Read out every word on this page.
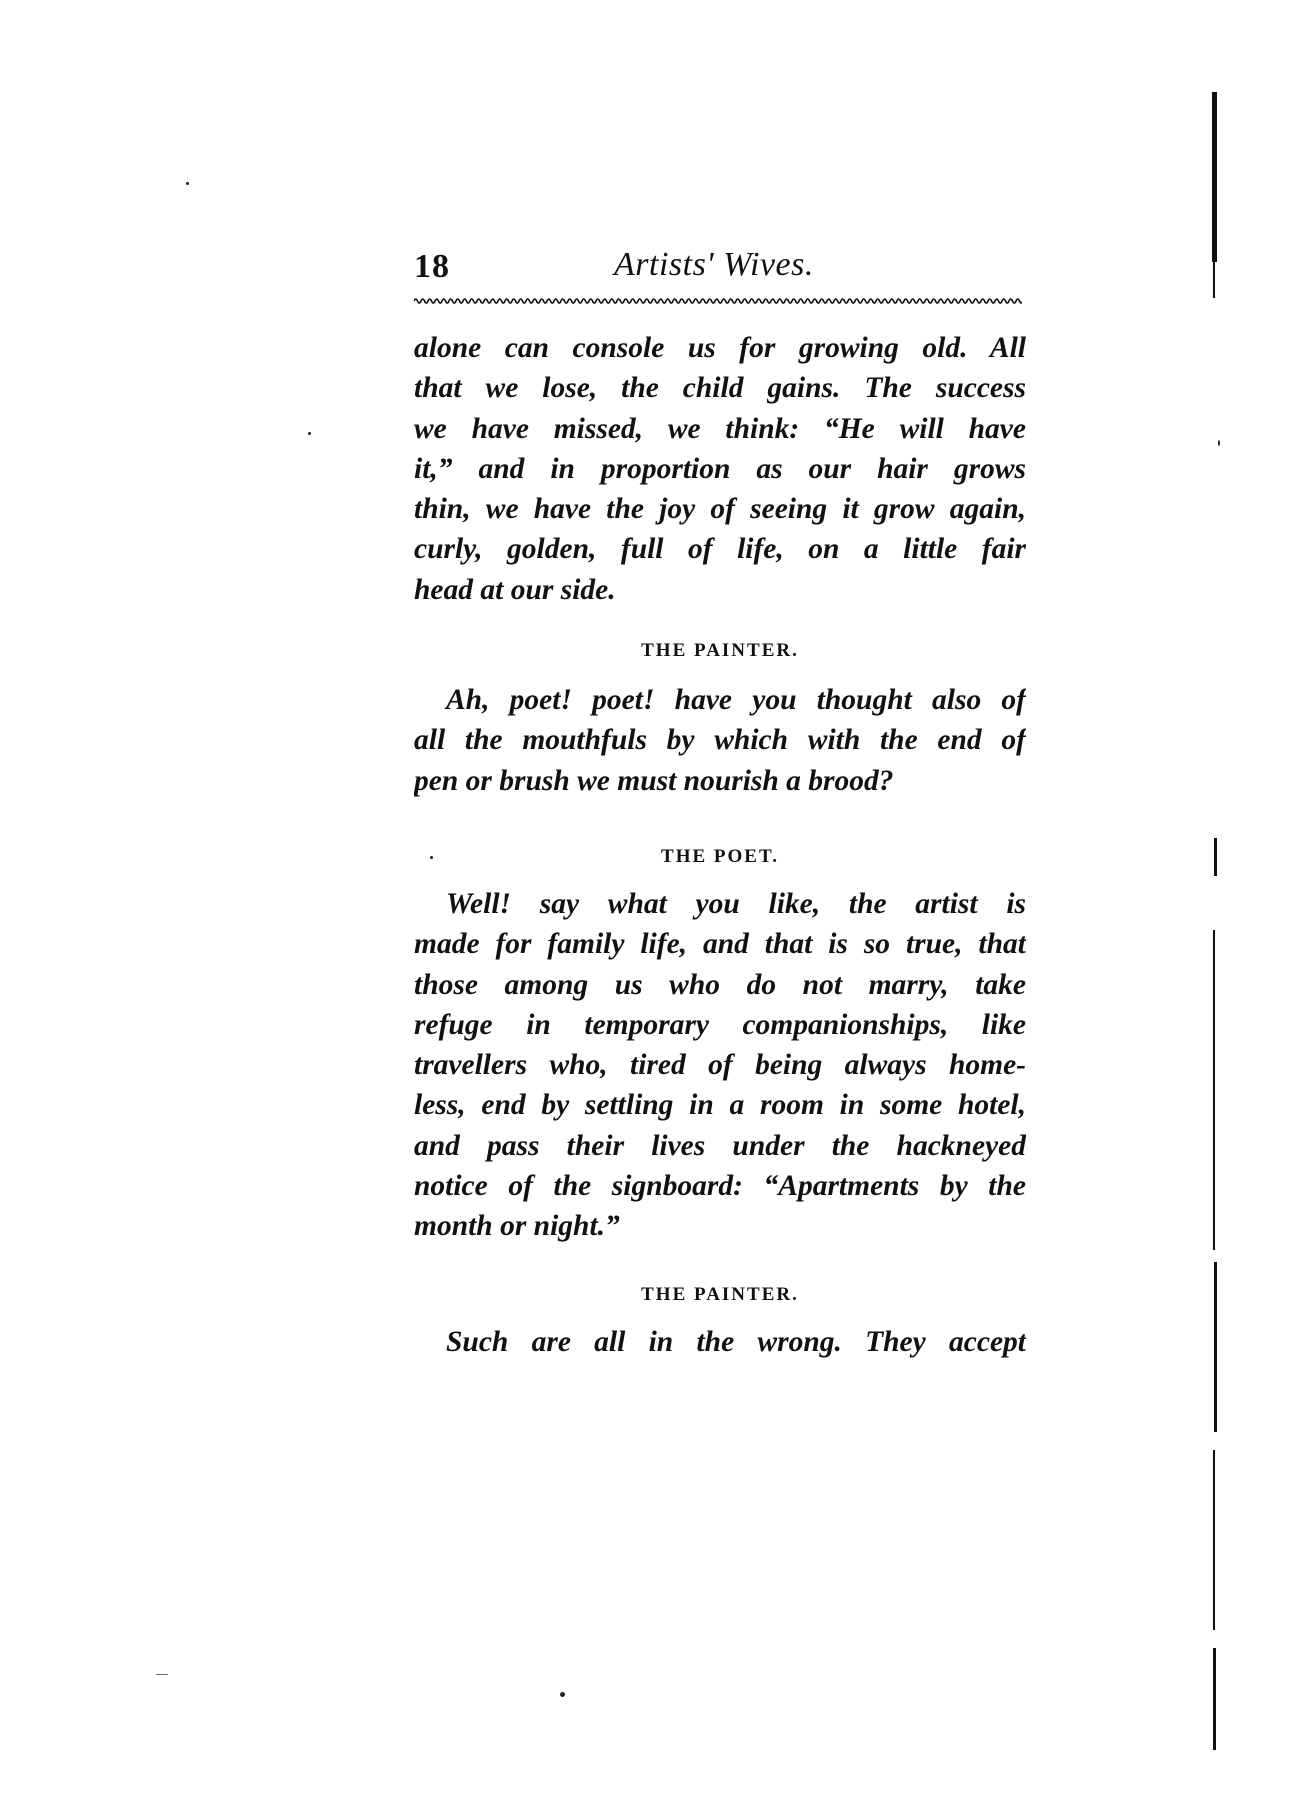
18	Artists' Wives.
alone can console us for growing old. All
that we lose, the child gains. The success
we have missed, we think: “He will have
it,” and in proportion as our hair grows
thin, we have the joy of seeing it grow again,
curly, golden, full of life, on a little fair
head at our side.
THE PAINTER.
Ah, poet! poet! have you thought also of
all the mouthfuls by which with the end of
pen or brush we must nourish a brood?
THE POET.
Well! say what you like, the artist is
made for family life, and that is so true, that
those among us who do not marry, take
refuge in temporary companionships, like
travellers who, tired of being always home-
less, end by settling in a room in some hotel,
and pass their lives under the hackneyed
notice of the signboard: “Apartments by the
month or night.”
THE PAINTER.
Such are all in the wrong. They accept
